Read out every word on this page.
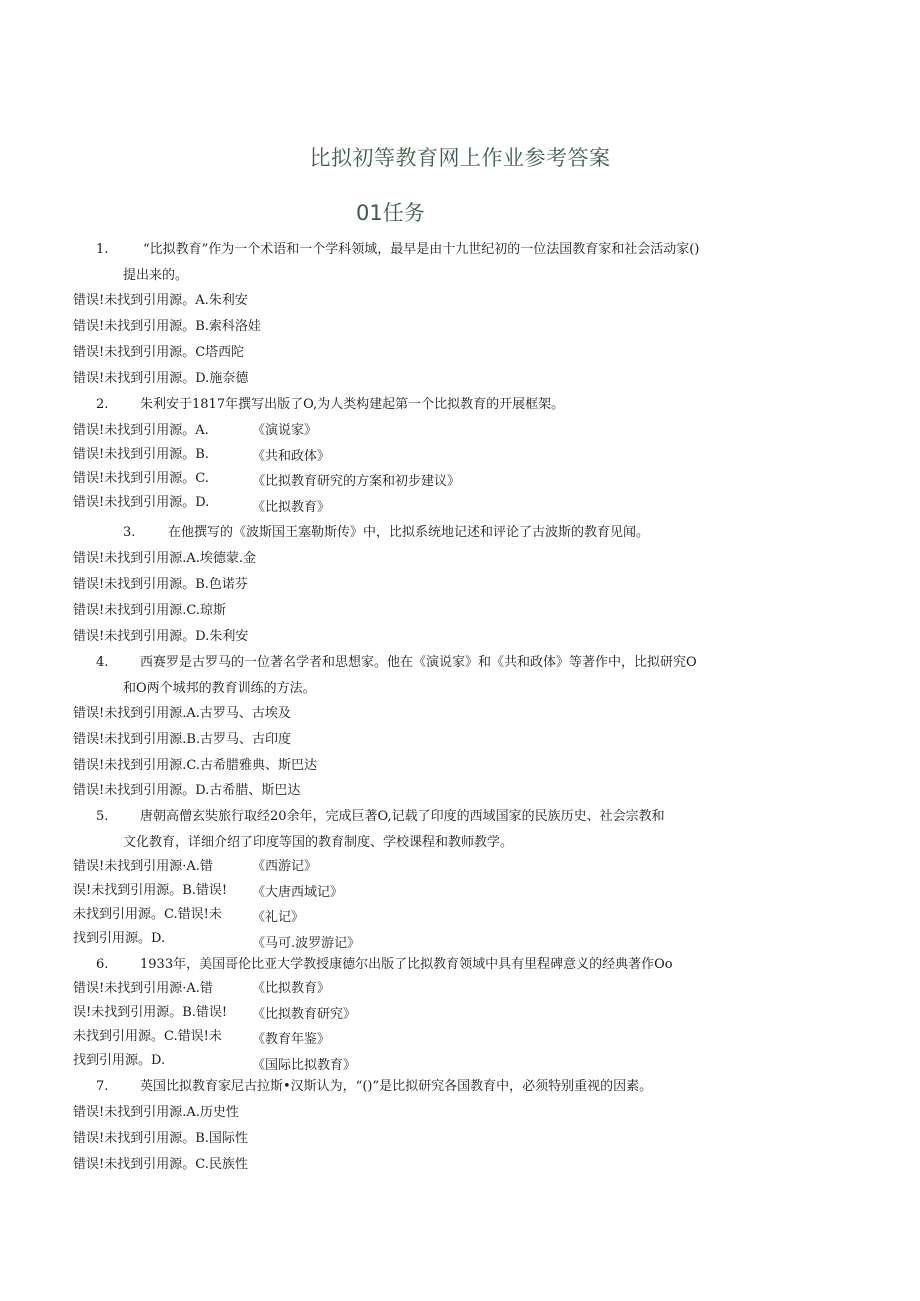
比拟初等教育网上作业参考答案
01任务
1.	“比拟教育”作为一个术语和一个学科领域，最早是由十九世纪初的一位法国教育家和社会活动家()
提出来的。
错误!未找到引用源。A.朱利安
错误!未找到引用源。B.索科洛娃
错误!未找到引用源。C塔西陀
错误!未找到引用源。D.施奈德
2. 朱利安于1817年撰写出版了O,为人类构建起第一个比拟教育的开展框架。
错误!未找到引用源。A.
错误!未找到引用源。B.
错误!未找到引用源。C.
错误!未找到引用源。D.
《演说家》
《共和政体》
《比拟教育研究的方案和初步建议》
《比拟教育》
3.	在他撰写的《波斯国王塞勒斯传》中，比拟系统地记述和评论了古波斯的教育见闻。
错误!未找到引用源.A.埃德蒙.金
错误!未找到引用源。B.色诺芬
错误!未找到引用源.C.琼斯
错误!未找到引用源。D.朱利安
4. 西赛罗是古罗马的一位著名学者和思想家。他在《演说家》和《共和政体》等著作中，比拟研究O
和O两个城邦的教育训练的方法。
错误!未找到引用源.A.古罗马、古埃及
错误!未找到引用源.B.古罗马、古印度
错误!未找到引用源.C.古希腊雅典、斯巴达
错误!未找到引用源。D.古希腊、斯巴达
5. 唐朝高僧玄奘旅行取经20余年，完成巨著O,记载了印度的西域国家的民族历史、社会宗教和
文化教育，详细介绍了印度等国的教育制度、学校课程和教师教学。
错误!未找到引用源·A.错
误!未找到引用源。B.错误!
未找到引用源。C.错误!未
找到引用源。D.
《西游记》
《大唐西域记》
《礼记》
《马可.波罗游记》
6. 1933年，美国哥伦比亚大学教授康德尔出版了比拟教育领域中具有里程碑意义的经典著作Oo
错误!未找到引用源·A.错
误!未找到引用源。B.错误!
未找到引用源。C.错误!未
找到引用源。D.
《比拟教育》
《比拟教育研究》
《教育年鉴》
《国际比拟教育》
7. 英国比拟教育家尼古拉斯•汉斯认为，“()”是比拟研究各国教育中，必须特别重视的因素。
错误!未找到引用源.A.历史性
错误!未找到引用源。B.国际性
错误!未找到引用源。C.民族性
